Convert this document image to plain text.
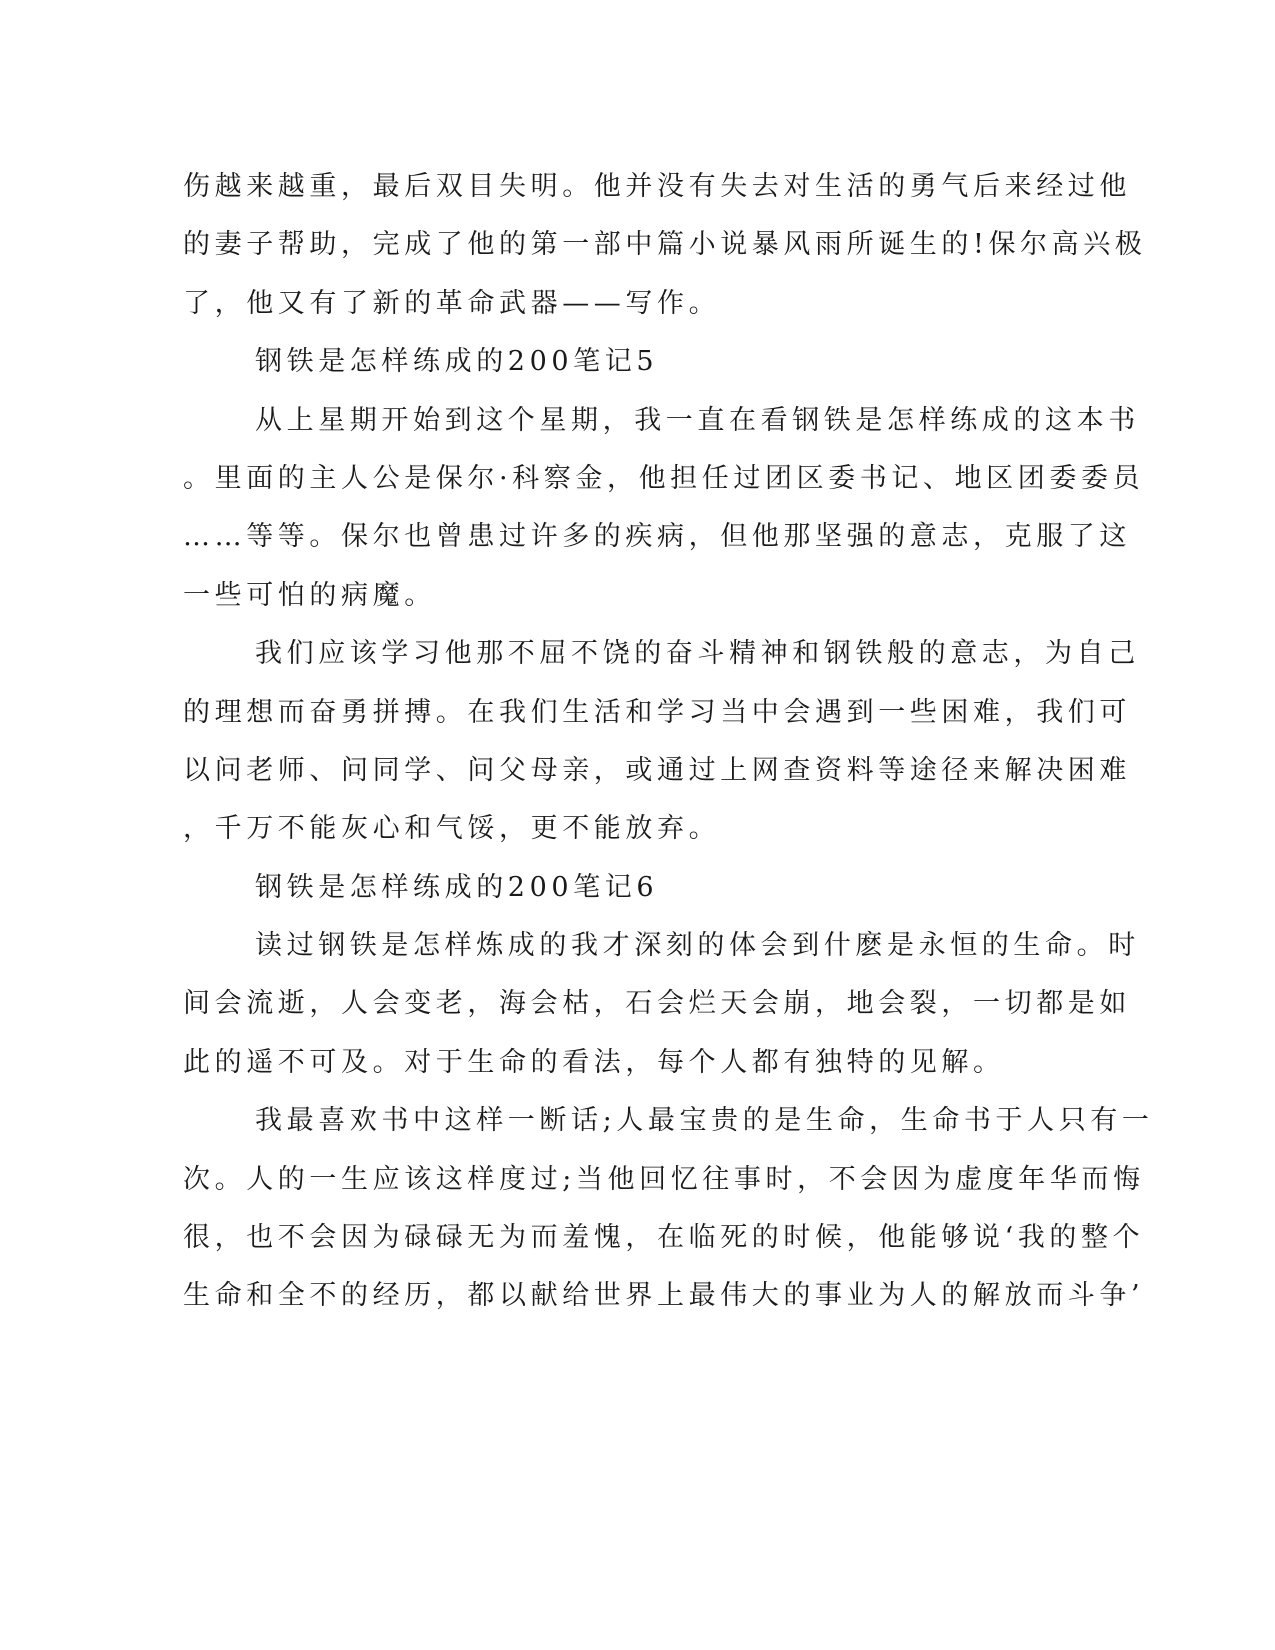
伤越来越重，最后双目失明。他并没有失去对生活的勇气后来经过他
的妻子帮助，完成了他的第一部中篇小说暴风雨所诞生的!保尔高兴极
了，他又有了新的革命武器——写作。
钢铁是怎样练成的200笔记5
从上星期开始到这个星期，我一直在看钢铁是怎样练成的这本书
。里面的主人公是保尔·科察金，他担任过团区委书记、地区团委委员
……等等。保尔也曾患过许多的疾病，但他那坚强的意志，克服了这
一些可怕的病魔。
我们应该学习他那不屈不饶的奋斗精神和钢铁般的意志，为自己
的理想而奋勇拼搏。在我们生活和学习当中会遇到一些困难，我们可
以问老师、问同学、问父母亲，或通过上网查资料等途径来解决困难
，千万不能灰心和气馁，更不能放弃。
钢铁是怎样练成的200笔记6
读过钢铁是怎样炼成的我才深刻的体会到什麽是永恒的生命。时
间会流逝，人会变老，海会枯，石会烂天会崩，地会裂，一切都是如
此的遥不可及。对于生命的看法，每个人都有独特的见解。
我最喜欢书中这样一断话;人最宝贵的是生命，生命书于人只有一
次。人的一生应该这样度过;当他回忆往事时，不会因为虚度年华而悔
很，也不会因为碌碌无为而羞愧，在临死的时候，他能够说‘我的整个
生命和全不的经历，都以献给世界上最伟大的事业为人的解放而斗争’
